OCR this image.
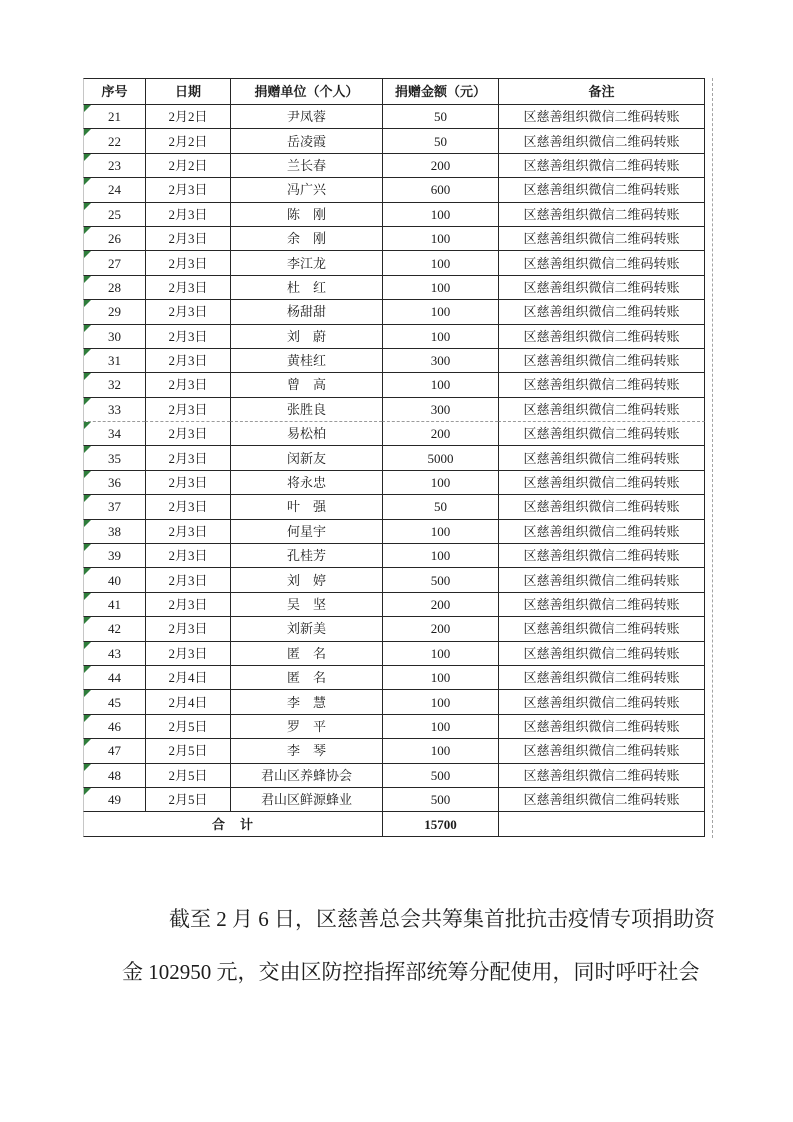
序号	日期	捐赠单位（个人）	捐赠金额（元）	备注

21	2月2日	尹凤蓉	50	区慈善组织微信二维码转账

22	2月2日	岳凌霞	50	区慈善组织微信二维码转账

23	2月2日	兰长春	200	区慈善组织微信二维码转账

24	2月3日	冯广兴	600	区慈善组织微信二维码转账

25	2月3日	陈　刚	100	区慈善组织微信二维码转账

26	2月3日	余　刚	100	区慈善组织微信二维码转账

27	2月3日	李江龙	100	区慈善组织微信二维码转账

28	2月3日	杜　红	100	区慈善组织微信二维码转账

29	2月3日	杨甜甜	100	区慈善组织微信二维码转账

30	2月3日	刘　蔚	100	区慈善组织微信二维码转账

31	2月3日	黄桂红	300	区慈善组织微信二维码转账

32	2月3日	曾　高	100	区慈善组织微信二维码转账

33	2月3日	张胜良	300	区慈善组织微信二维码转账

34	2月3日	易松柏	200	区慈善组织微信二维码转账

35	2月3日	闵新友	5000	区慈善组织微信二维码转账

36	2月3日	将永忠	100	区慈善组织微信二维码转账

37	2月3日	叶　强	50	区慈善组织微信二维码转账

38	2月3日	何星宇	100	区慈善组织微信二维码转账

39	2月3日	孔桂芳	100	区慈善组织微信二维码转账

40	2月3日	刘　婷	500	区慈善组织微信二维码转账

41	2月3日	吴　坚	200	区慈善组织微信二维码转账

42	2月3日	刘新美	200	区慈善组织微信二维码转账

43	2月3日	匿　名	100	区慈善组织微信二维码转账

44	2月4日	匿　名	100	区慈善组织微信二维码转账

45	2月4日	李　慧	100	区慈善组织微信二维码转账

46	2月5日	罗　平	100	区慈善组织微信二维码转账

47	2月5日	李　琴	100	区慈善组织微信二维码转账

48	2月5日	君山区养蜂协会	500	区慈善组织微信二维码转账

49	2月5日	君山区鲜源蜂业	500	区慈善组织微信二维码转账
合　计			15700	
截至 2 月 6 日，区慈善总会共筹集首批抗击疫情专项捐助资
金 102950 元，交由区防控指挥部统筹分配使用，同时呼吁社会
